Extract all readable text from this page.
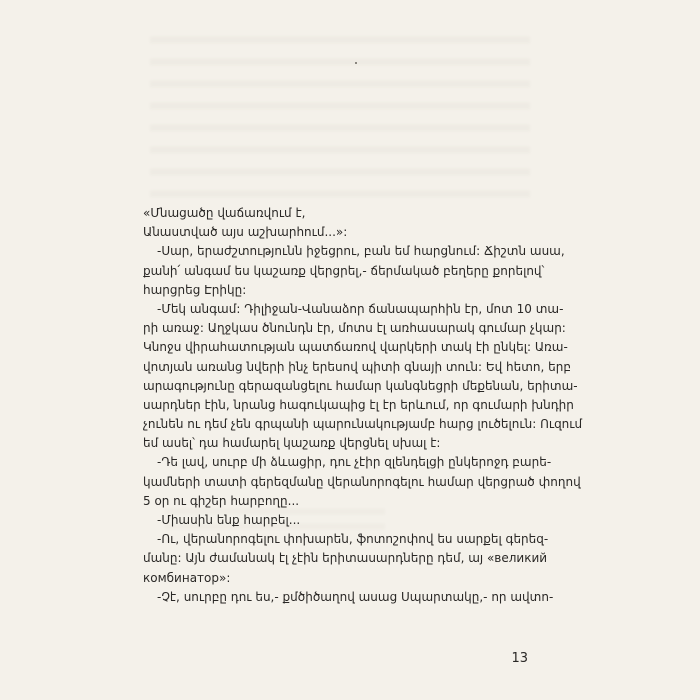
«Մնացածը վաճառվում է,
Անաստված այս աշխարհում...»:
-Սար, երաժշտությունն իջեցրու, բան եմ հարցնում: Ճիշտն ասա,
քանի՛ անգամ ես կաշառք վերցրել,- ճերմակած բեղերը քորելով՝
հարցրեց Էրիկը:
-Մեկ անգամ: Դիլիջան-Վանաձոր ճանապարհին էր, մոտ 10 տա-
րի առաջ: Աղջկաս ծնունդն էր, մոտս էլ առհասարակ գումար չկար:
Կնոջս վիրահատության պատճառով վարկերի տակ էի ընկել: Առա-
վոտյան առանց նվերի ինչ երեսով պիտի գնայի տուն: Եվ հետո, երբ
արագությունը գերազանցելու համար կանգնեցրի մեքենան, երիտա-
սարդներ էին, նրանց հագուկապից էլ էր երևում, որ գումարի խնդիր
չունեն ու դեմ չեն գրպանի պարունակությամբ հարց լուծելուն: Ուզում
եմ ասել՝ դա համարել կաշառք վերցնել սխալ է:
-Դե լավ, սուրբ մի ձևացիր, դու չէիր զլենդելցի ընկերոջդ բարե-
կամների տատի գերեզմանը վերանորոգելու համար վերցրած փողով
5 օր ու գիշեր հարբողը...
-Միասին ենք հարբել...
-Ու, վերանորոգելու փոխարեն, ֆոտոշոփով ես սարքել գերեզ-
մանը: Այն ժամանակ էլ չէին երիտասարդները դեմ, այ «великий
комбинатор»:
-Չէ, սուրբը դու ես,- քմծիծաղով ասաց Սպարտակը,- որ ավտո-
13
